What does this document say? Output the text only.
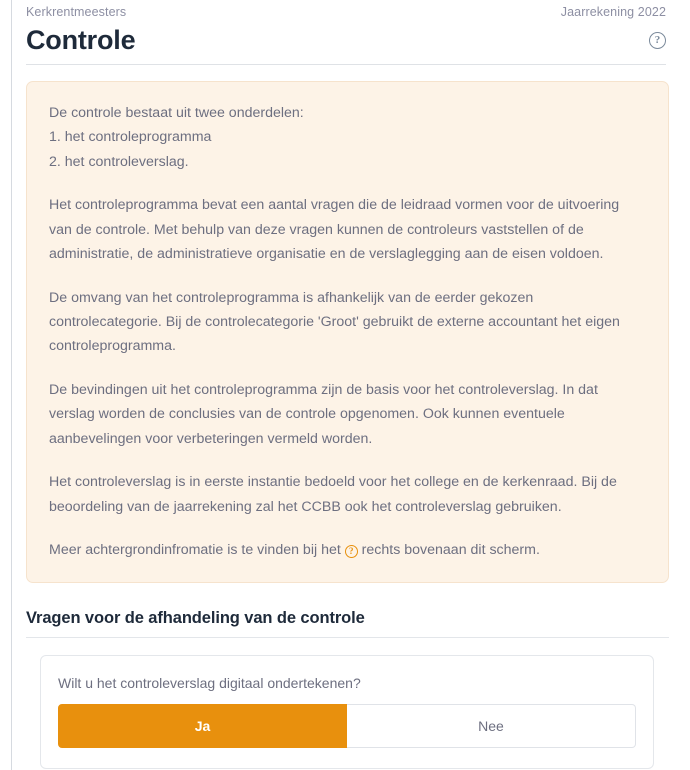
Kerkrentmeesters	Jaarrekening 2022
Controle	?

De controle bestaat uit twee onderdelen:
1. het controleprogramma
2. het controleverslag.

Het controleprogramma bevat een aantal vragen die de leidraad vormen voor de uitvoering van de controle. Met behulp van deze vragen kunnen de controleurs vaststellen of de administratie, de administratieve organisatie en de verslaglegging aan de eisen voldoen.

De omvang van het controleprogramma is afhankelijk van de eerder gekozen controlecategorie. Bij de controlecategorie 'Groot' gebruikt de externe accountant het eigen controleprogramma.

De bevindingen uit het controleprogramma zijn de basis voor het controleverslag. In dat verslag worden de conclusies van de controle opgenomen. Ook kunnen eventuele aanbevelingen voor verbeteringen vermeld worden.

Het controleverslag is in eerste instantie bedoeld voor het college en de kerkenraad. Bij de beoordeling van de jaarrekening zal het CCBB ook het controleverslag gebruiken.

Meer achtergrondinfromatie is te vinden bij het ? rechts bovenaan dit scherm.

Vragen voor de afhandeling van de controle

Wilt u het controleverslag digitaal ondertekenen?

Ja	Nee
